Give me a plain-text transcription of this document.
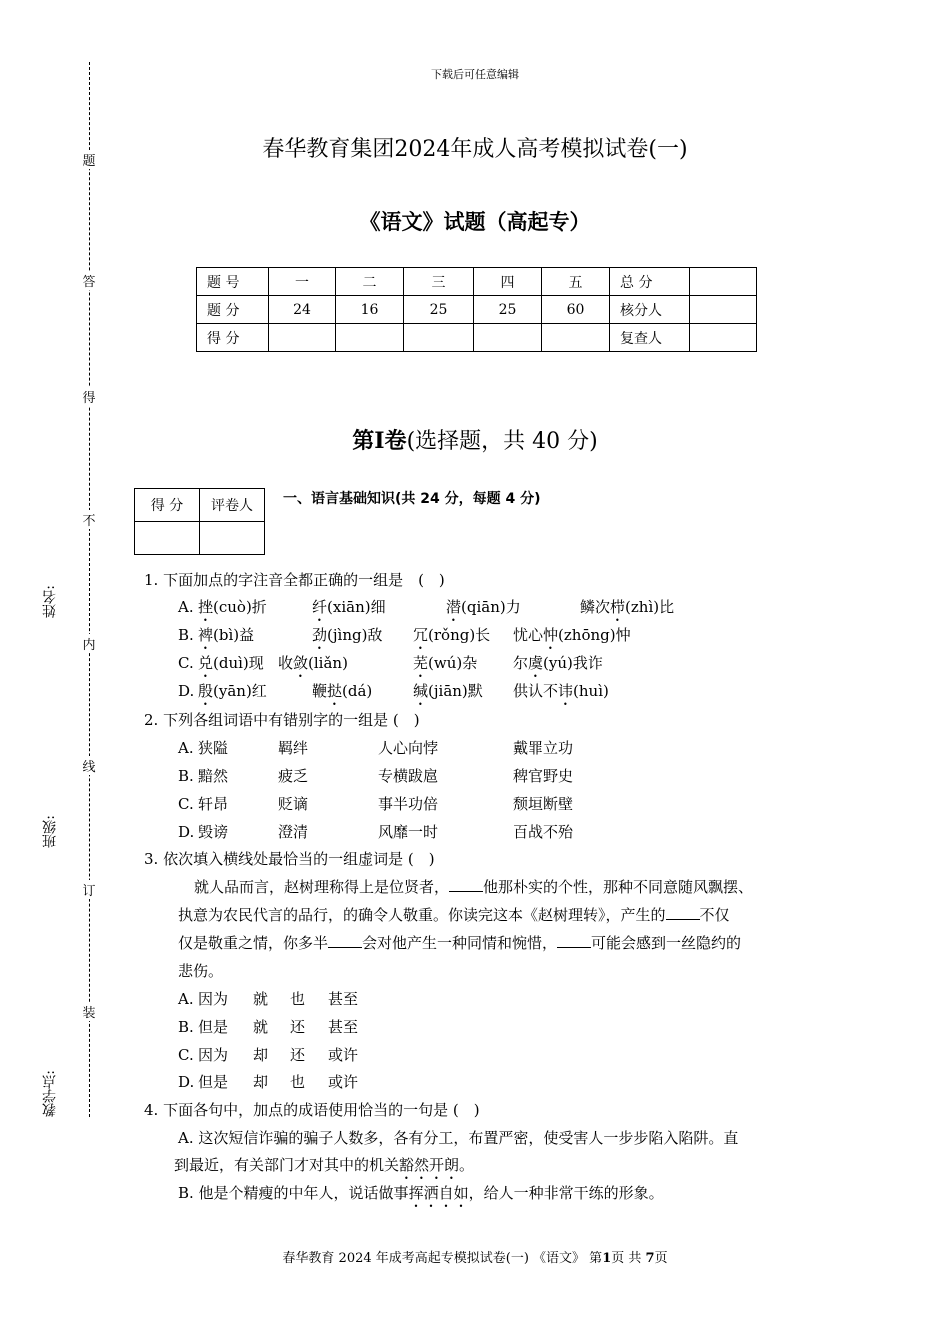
题
答
得
不
内
线
订
装
姓名:
班级:
教学点:
下载后可任意编辑
春华教育集团2024年成人高考模拟试卷(一)
《语文》试题（高起专）
题 号	一	二	三	四	五	总 分	
题 分	24	16	25	25	60	核分人	
得 分						复查人	
第Ⅰ卷(选择题，共 40 分)
得 分	评卷人
	一、语言基础知识(共 24 分，每题 4 分)
1. 下面加点的字注音全都正确的一组是　(　)
A. 挫(cuò)折	纤(xiān)细	潜(qiān)力	鳞次栉(zhì)比
B. 裨(bì)益	劲(jìng)敌 冗(rǒng)长 忧心忡(zhōng)忡
C. 兑(duì)现 收敛(liǎn)	芜(wú)杂 尔虞(yú)我诈
D. 殷(yān)红	鞭挞(dá)	缄(jiān)默 供认不讳(huì)
2. 下列各组词语中有错别字的一组是 (　)
A. 狭隘	羁绊	人心向悖	戴罪立功
B. 黯然	疲乏	专横跋扈	稗官野史
C. 轩昂	贬谪	事半功倍	颓垣断壁
D. 毁谤	澄清	风靡一时	百战不殆
3. 依次填入横线处最恰当的一组虚词是 (　)
就人品而言，赵树理称得上是位贤者， 他那朴实的个性，那种不同意随风飘摆、
执意为农民代言的品行，的确令人敬重。你读完这本《赵树理转》，产生的 不仅
仅是敬重之情，你多半 会对他产生一种同情和惋惜， 可能会感到一丝隐约的
悲伤。
A. 因为 就 也 甚至
B. 但是 就 还 甚至
C. 因为 却 还 或许
D. 但是 却 也 或许
4. 下面各句中，加点的成语使用恰当的一句是 (　)
A. 这次短信诈骗的骗子人数多，各有分工，布置严密，使受害人一步步陷入陷阱。直
到最近，有关部门才对其中的机关豁然开朗。
B. 他是个精瘦的中年人，说话做事挥洒自如，给人一种非常干练的形象。
春华教育 2024 年成考高起专模拟试卷(一) 《语文》 第1页 共 7页
